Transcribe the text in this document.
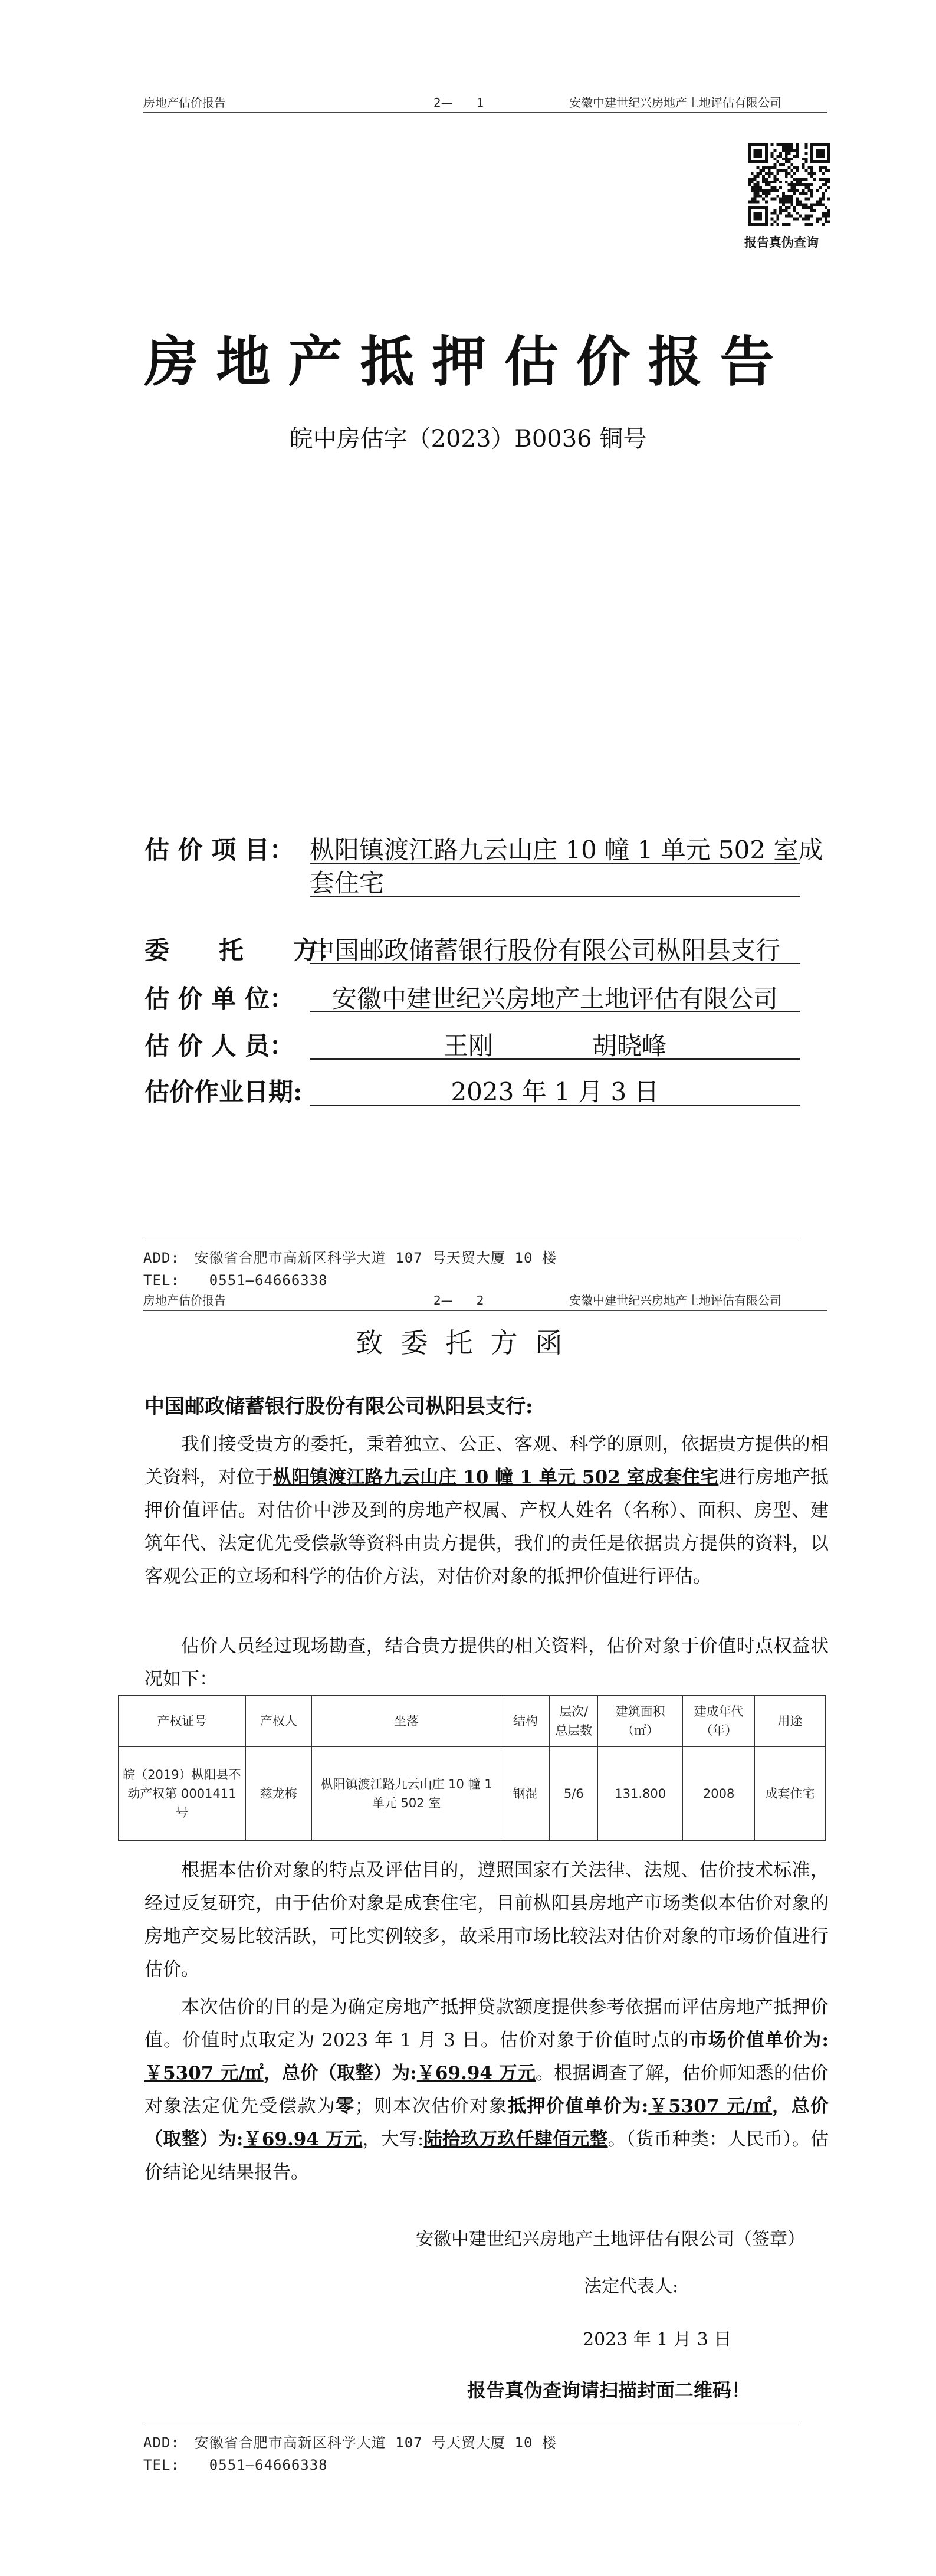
房地产估价报告	2—　　1	安徽中建世纪兴房地产土地评估有限公司
报告真伪查询
房地产抵押估价报告
皖中房估字（2023）B0036 铜号
估 价 项 目： 枞阳镇渡江路九云山庄 10 幢 1 单元 502 室成
套住宅
委　　托　　方：
中国邮政储蓄银行股份有限公司枞阳县支行
估 价 单 位：	安徽中建世纪兴房地产土地评估有限公司
估 价 人 员：	王刚　　　　胡晓峰
估价作业日期:	2023 年 1 月 3 日
ADD:　安徽省合肥市高新区科学大道 107 号天贸大厦 10 楼
TEL:　　0551—64666338
房地产估价报告	2—　　2	安徽中建世纪兴房地产土地评估有限公司
致委托方函
中国邮政储蓄银行股份有限公司枞阳县支行:

我们接受贵方的委托，秉着独立、公正、客观、科学的原则，依据贵方提供的相关资料，对位于枞阳镇渡江路九云山庄 10 幢 1 单元 502 室成套住宅进行房地产抵押价值评估。对估价中涉及到的房地产权属、产权人姓名（名称）、面积、房型、建筑年代、法定优先受偿款等资料由贵方提供，我们的责任是依据贵方提供的资料，以客观公正的立场和科学的估价方法，对估价对象的抵押价值进行评估。

估价人员经过现场勘查，结合贵方提供的相关资料，估价对象于价值时点权益状况如下：

产权证号	产权人	坐落	结构	层次/总层数	建筑面积（㎡）	建成年代（年）	用途
皖（2019）枞阳县不动产权第 0001411 号	慈龙梅	枞阳镇渡江路九云山庄 10 幢 1 单元 502 室	钢混	5/6	131.800	2008	成套住宅

根据本估价对象的特点及评估目的，遵照国家有关法律、法规、估价技术标准，经过反复研究，由于估价对象是成套住宅，目前枞阳县房地产市场类似本估价对象的房地产交易比较活跃，可比实例较多，故采用市场比较法对估价对象的市场价值进行估价。

本次估价的目的是为确定房地产抵押贷款额度提供参考依据而评估房地产抵押价值。价值时点取定为 2023 年 1 月 3 日。估价对象于价值时点的市场价值单价为:￥5307 元/㎡，总价（取整）为:￥69.94 万元。根据调查了解，估价师知悉的估价对象法定优先受偿款为零；则本次估价对象抵押价值单价为:￥5307 元/㎡，总价（取整）为:￥69.94 万元，大写:陆拾玖万玖仟肆佰元整。（货币种类：人民币）。估价结论见结果报告。

安徽中建世纪兴房地产土地评估有限公司（签章）
法定代表人:
2023 年 1 月 3 日
报告真伪查询请扫描封面二维码！
ADD:　安徽省合肥市高新区科学大道 107 号天贸大厦 10 楼
TEL:　　0551—64666338
